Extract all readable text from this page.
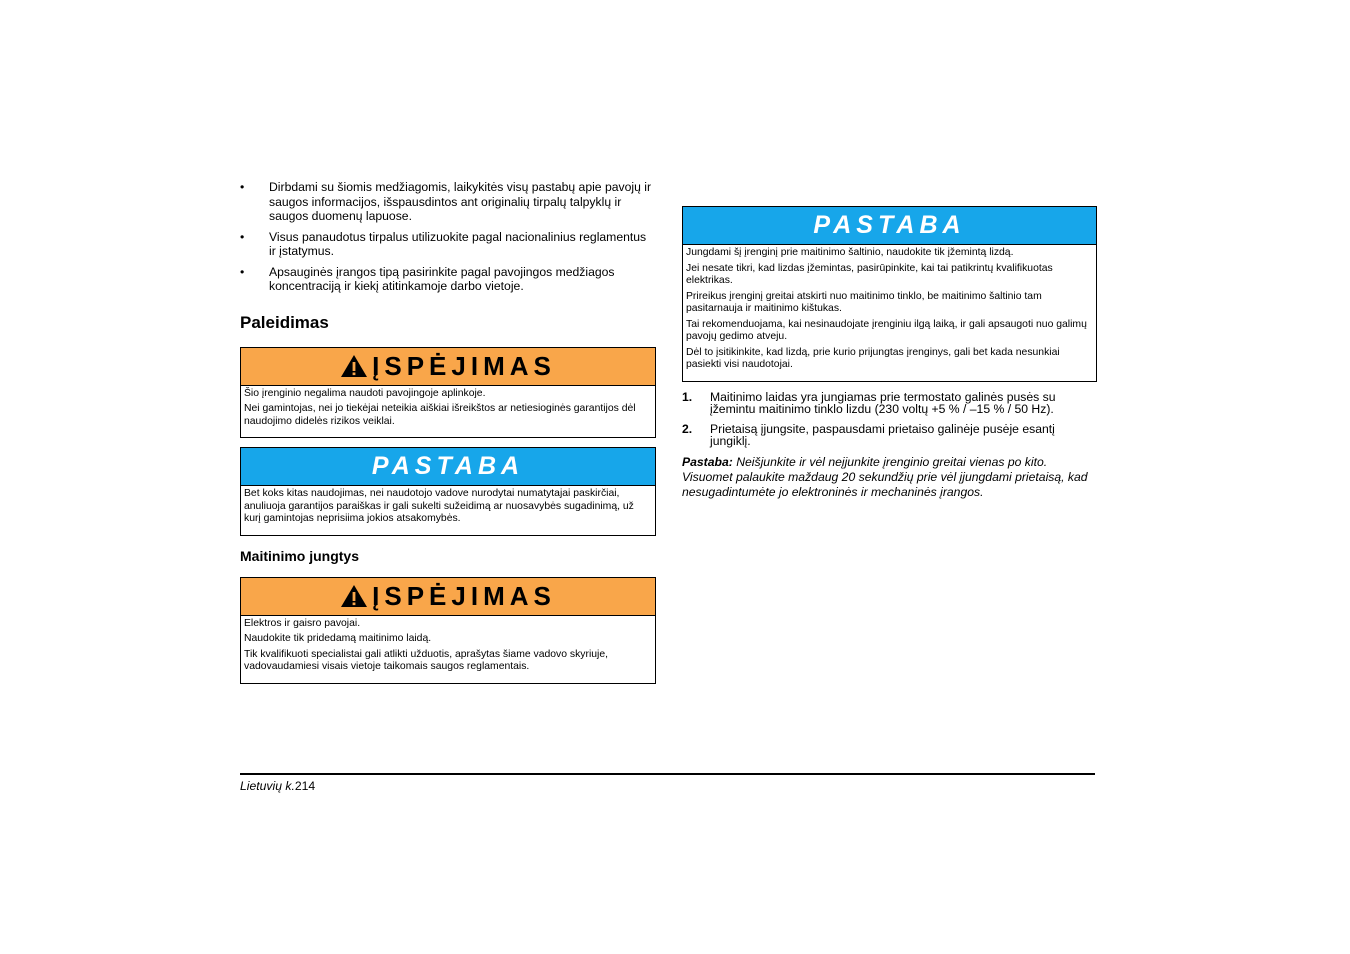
• Dirbdami su šiomis medžiagomis, laikykitės visų pastabų apie pavojų ir saugos informacijos, išspausdintos ant originalių tirpalų talpyklų ir saugos duomenų lapuose.
• Visus panaudotus tirpalus utilizuokite pagal nacionalinius reglamentus ir įstatymus.
• Apsauginės įrangos tipą pasirinkite pagal pavojingos medžiagos koncentraciją ir kiekį atitinkamoje darbo vietoje.
Paleidimas
ĮSPĖJIMAS

Šio įrenginio negalima naudoti pavojingoje aplinkoje.

Nei gamintojas, nei jo tiekėjai neteikia aiškiai išreikštos ar netiesioginės garantijos dėl naudojimo didelės rizikos veiklai.

PASTABA

Bet koks kitas naudojimas, nei naudotojo vadove nurodytai numatytajai paskirčiai, anuliuoja garantijos paraiškas ir gali sukelti sužeidimą ar nuosavybės sugadinimą, už kurį gamintojas neprisiima jokios atsakomybės.

Maitinimo jungtys
ĮSPĖJIMAS

Elektros ir gaisro pavojai.

Naudokite tik pridedamą maitinimo laidą.

Tik kvalifikuoti specialistai gali atlikti užduotis, aprašytas šiame vadovo skyriuje, vadovaudamiesi visais vietoje taikomais saugos reglamentais.

PASTABA

Jungdami šį įrenginį prie maitinimo šaltinio, naudokite tik įžemintą lizdą.

Jei nesate tikri, kad lizdas įžemintas, pasirūpinkite, kai tai patikrintų kvalifikuotas elektrikas.

Prireikus įrenginį greitai atskirti nuo maitinimo tinklo, be maitinimo šaltinio tam pasitarnauja ir maitinimo kištukas.

Tai rekomenduojama, kai nesinaudojate įrenginiu ilgą laiką, ir gali apsaugoti nuo galimų pavojų gedimo atveju.

Dėl to įsitikinkite, kad lizdą, prie kurio prijungtas įrenginys, gali bet kada nesunkiai pasiekti visi naudotojai.

1. Maitinimo laidas yra jungiamas prie termostato galinės pusės su įžemintu maitinimo tinklo lizdu (230 voltų +5 % / –15 % / 50 Hz).
2. Prietaisą įjungsite, paspausdami prietaiso galinėje pusėje esantį jungiklį.

Pastaba: Neišjunkite ir vėl neįjunkite įrenginio greitai vienas po kito. Visuomet palaukite maždaug 20 sekundžių prie vėl įjungdami prietaisą, kad nesugadintumėte jo elektroninės ir mechaninės įrangos.

Lietuvių k.214
